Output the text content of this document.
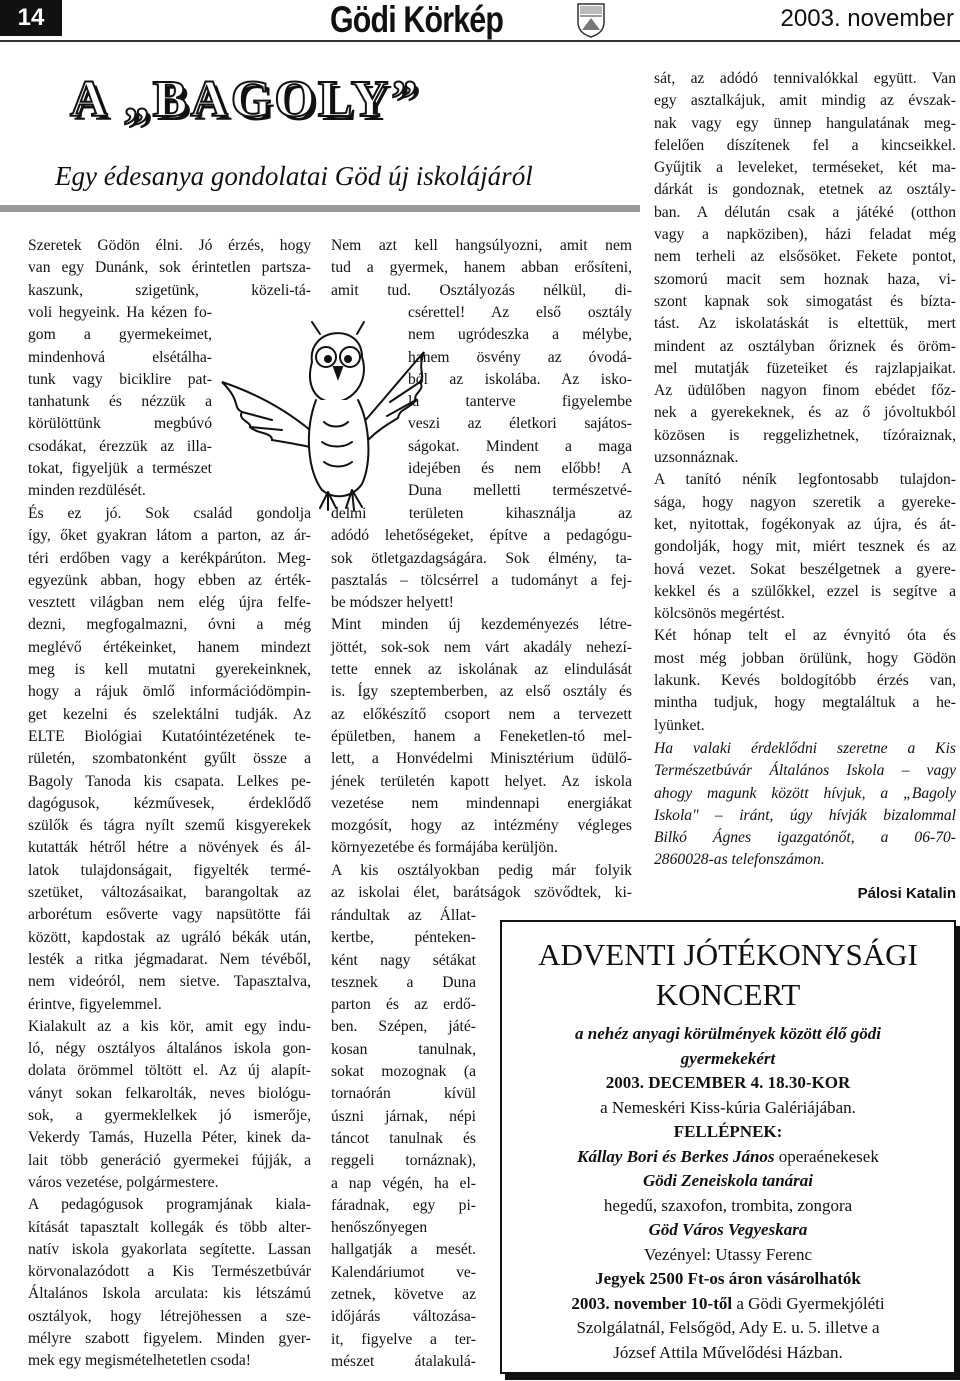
14	Gödi Körkép	2003. november
A „BAGOLY”
Egy édesanya gondolatai Göd új iskolájáról
Szeretek Gödön élni. Jó érzés, hogy
van egy Dunánk, sok érintetlen partsza-
kaszunk, szigetünk, közeli-tá-
voli hegyeink. Ha kézen fo-
gom a gyermekeimet,
mindenhová elsétálha-
tunk vagy biciklire pat-
tanhatunk és nézzük a
körülöttünk megbúvó
csodákat, érezzük az illa-
tokat, figyeljük a természet
minden rezdülését.
És ez jó. Sok család gondolja
így, őket gyakran látom a parton, az ár-
téri erdőben vagy a kerékpárúton. Meg-
egyezünk abban, hogy ebben az érték-
vesztett világban nem elég újra felfe-
dezni, megfogalmazni, óvni a még
meglévő értékeinket, hanem mindezt
meg is kell mutatni gyerekeinknek,
hogy a rájuk ömlő információdömpin-
get kezelni és szelektálni tudják. Az
ELTE Biológiai Kutatóintézetének te-
rületén, szombatonként gyűlt össze a
Bagoly Tanoda kis csapata. Lelkes pe-
dagógusok, kézművesek, érdeklődő
szülők és tágra nyílt szemű kisgyerekek
kutatták hétről hétre a növények és ál-
latok tulajdonságait, figyelték termé-
szetüket, változásaikat, barangoltak az
arborétum esőverte vagy napsütötte fái
között, kapdostak az ugráló békák után,
lesték a ritka jégmadarat. Nem tévéből,
nem videóról, nem sietve. Tapasztalva,
érintve, figyelemmel.
Kialakult az a kis kör, amit egy indu-
ló, négy osztályos általános iskola gon-
dolata örömmel töltött el. Az új alapít-
ványt sokan felkarolták, neves biológu-
sok, a gyermeklelkek jó ismerője,
Vekerdy Tamás, Huzella Péter, kinek da-
lait több generáció gyermekei fújják, a
város vezetése, polgármestere.
A pedagógusok programjának kiala-
kítását tapasztalt kollegák és több alter-
natív iskola gyakorlata segítette. Lassan
körvonalazódott a Kis Természetbúvár
Általános Iskola arculata: kis létszámú
osztályok, hogy létrejöhessen a sze-
mélyre szabott figyelem. Minden gyer-
mek egy megismételhetetlen csoda!
Nem azt kell hangsúlyozni, amit nem
tud a gyermek, hanem abban erősíteni,
amit tud. Osztályozás nélkül, di-
csérettel! Az első osztály
nem ugródeszka a mélybe,
hanem ösvény az óvodá-
ból az iskolába. Az isko-
la tanterve figyelembe
veszi az életkori sajátos-
ságokat. Mindent a maga
idejében és nem előbb! A
Duna melletti természetvé-
delmi területen kihasználja az
adódó lehetőségeket, építve a pedagógu-
sok ötletgazdagságára. Sok élmény, ta-
pasztalás – tölcsérrel a tudományt a fej-
be módszer helyett!
Mint minden új kezdeményezés létre-
jöttét, sok-sok nem várt akadály nehezí-
tette ennek az iskolának az elindulását
is. Így szeptemberben, az első osztály és
az előkészítő csoport nem a tervezett
épületben, hanem a Feneketlen-tó mel-
lett, a Honvédelmi Minisztérium üdülő-
jének területén kapott helyet. Az iskola
vezetése nem mindennapi energiákat
mozgósít, hogy az intézmény végleges
környezetébe és formájába kerüljön.
A kis osztályokban pedig már folyik
az iskolai élet, barátságok szövődtek, ki-
rándultak az Állat-
kertbe, pénteken-
ként nagy sétákat
tesznek a Duna
parton és az erdő-
ben. Szépen, játé-
kosan tanulnak,
sokat mozognak (a
tornaórán kívül
úszni járnak, népi
táncot tanulnak és
reggeli tornáznak),
a nap végén, ha el-
fáradnak, egy pi-
henőszőnyegen
hallgatják a mesét.
Kalendáriumot ve-
zetnek, követve az
időjárás változása-
it, figyelve a ter-
mészet átalakulá-
sát, az adódó tennivalókkal együtt. Van
egy asztalkájuk, amit mindig az évszak-
nak vagy egy ünnep hangulatának meg-
felelően díszítenek fel a kincseikkel.
Gyűjtik a leveleket, terméseket, két ma-
dárkát is gondoznak, etetnek az osztály-
ban. A délután csak a játéké (otthon
vagy a napköziben), házi feladat még
nem terheli az elsősöket. Fekete pontot,
szomorú macit sem hoznak haza, vi-
szont kapnak sok simogatást és bízta-
tást. Az iskolatáskát is eltettük, mert
mindent az osztályban őriznek és öröm-
mel mutatják füzeteiket és rajzlapjaikat.
Az üdülőben nagyon finom ebédet főz-
nek a gyerekeknek, és az ő jóvoltukból
közösen is reggelizhetnek, tízóraiznak,
uzsonnáznak.
A tanító néník legfontosabb tulajdon-
sága, hogy nagyon szeretik a gyereke-
ket, nyitottak, fogékonyak az újra, és át-
gondolják, hogy mit, miért tesznek és az
hová vezet. Sokat beszélgetnek a gyere-
kekkel és a szülőkkel, ezzel is segítve a
kölcsönös megértést.
Két hónap telt el az évnyitó óta és
most még jobban örülünk, hogy Gödön
lakunk. Kevés boldogítóbb érzés van,
mintha tudjuk, hogy megtaláltuk a he-
lyünket.
Ha valaki érdeklődni szeretne a Kis
Természetbúvár Általános Iskola – vagy
ahogy magunk között hívjuk, a „Bagoly
Iskola" – iránt, úgy hívják bizalommal
Bilkó Ágnes igazgatónőt, a 06-70-
2860028-as telefonszámon.
Pálosi Katalin
ADVENTI JÓTÉKONYSÁGI
KONCERT
a nehéz anyagi körülmények között élő gödi
gyermekekért
2003. DECEMBER 4. 18.30-KOR
a Nemeskéri Kiss-kúria Galériájában.
FELLÉPNEK:
Kállay Bori és Berkes János operaénekesek
Gödi Zeneiskola tanárai
hegedű, szaxofon, trombita, zongora
Göd Város Vegyeskara
Vezényel: Utassy Ferenc
Jegyek 2500 Ft-os áron vásárolhatók
2003. november 10-től a Gödi Gyermekjóléti
Szolgálatnál, Felsőgöd, Ady E. u. 5. illetve a
József Attila Művelődési Házban.
